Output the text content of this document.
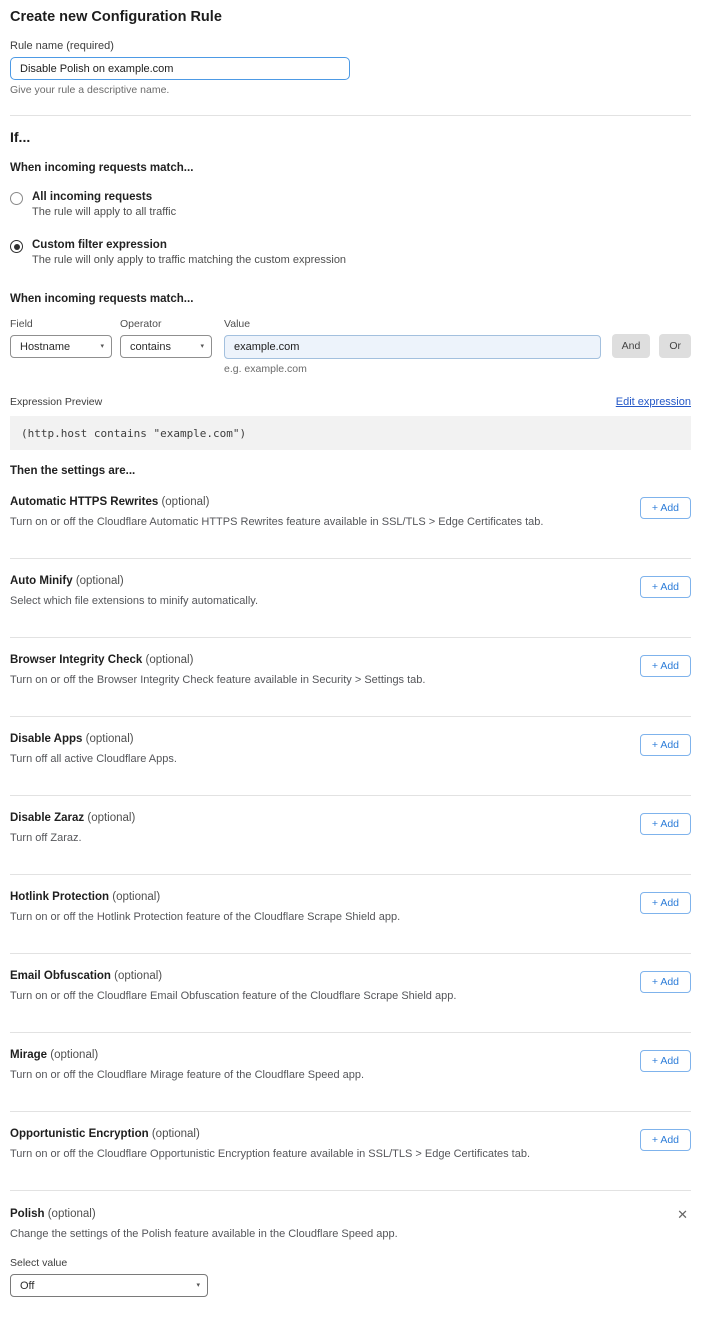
Create new Configuration Rule
Rule name (required)
Disable Polish on example.com
Give your rule a descriptive name.
If...
When incoming requests match...
All incoming requests
The rule will apply to all traffic
Custom filter expression
The rule will only apply to traffic matching the custom expression
When incoming requests match...
Field
Hostname	▾
Operator
contains	▾
Value
example.com
e.g. example.com
And	Or
Expression Preview	Edit expression
(http.host contains "example.com")
Then the settings are...
Automatic HTTPS Rewrites (optional)
Turn on or off the Cloudflare Automatic HTTPS Rewrites feature available in SSL/TLS > Edge Certificates tab.
+ Add
Auto Minify (optional)
Select which file extensions to minify automatically.
+ Add
Browser Integrity Check (optional)
Turn on or off the Browser Integrity Check feature available in Security > Settings tab.
+ Add
Disable Apps (optional)
Turn off all active Cloudflare Apps.
+ Add
Disable Zaraz (optional)
Turn off Zaraz.
+ Add
Hotlink Protection (optional)
Turn on or off the Hotlink Protection feature of the Cloudflare Scrape Shield app.
+ Add
Email Obfuscation (optional)
Turn on or off the Cloudflare Email Obfuscation feature of the Cloudflare Scrape Shield app.
+ Add
Mirage (optional)
Turn on or off the Cloudflare Mirage feature of the Cloudflare Speed app.
+ Add
Opportunistic Encryption (optional)
Turn on or off the Cloudflare Opportunistic Encryption feature available in SSL/TLS > Edge Certificates tab.
+ Add
Polish (optional)	✕
Change the settings of the Polish feature available in the Cloudflare Speed app.
Select value
Off	▾
